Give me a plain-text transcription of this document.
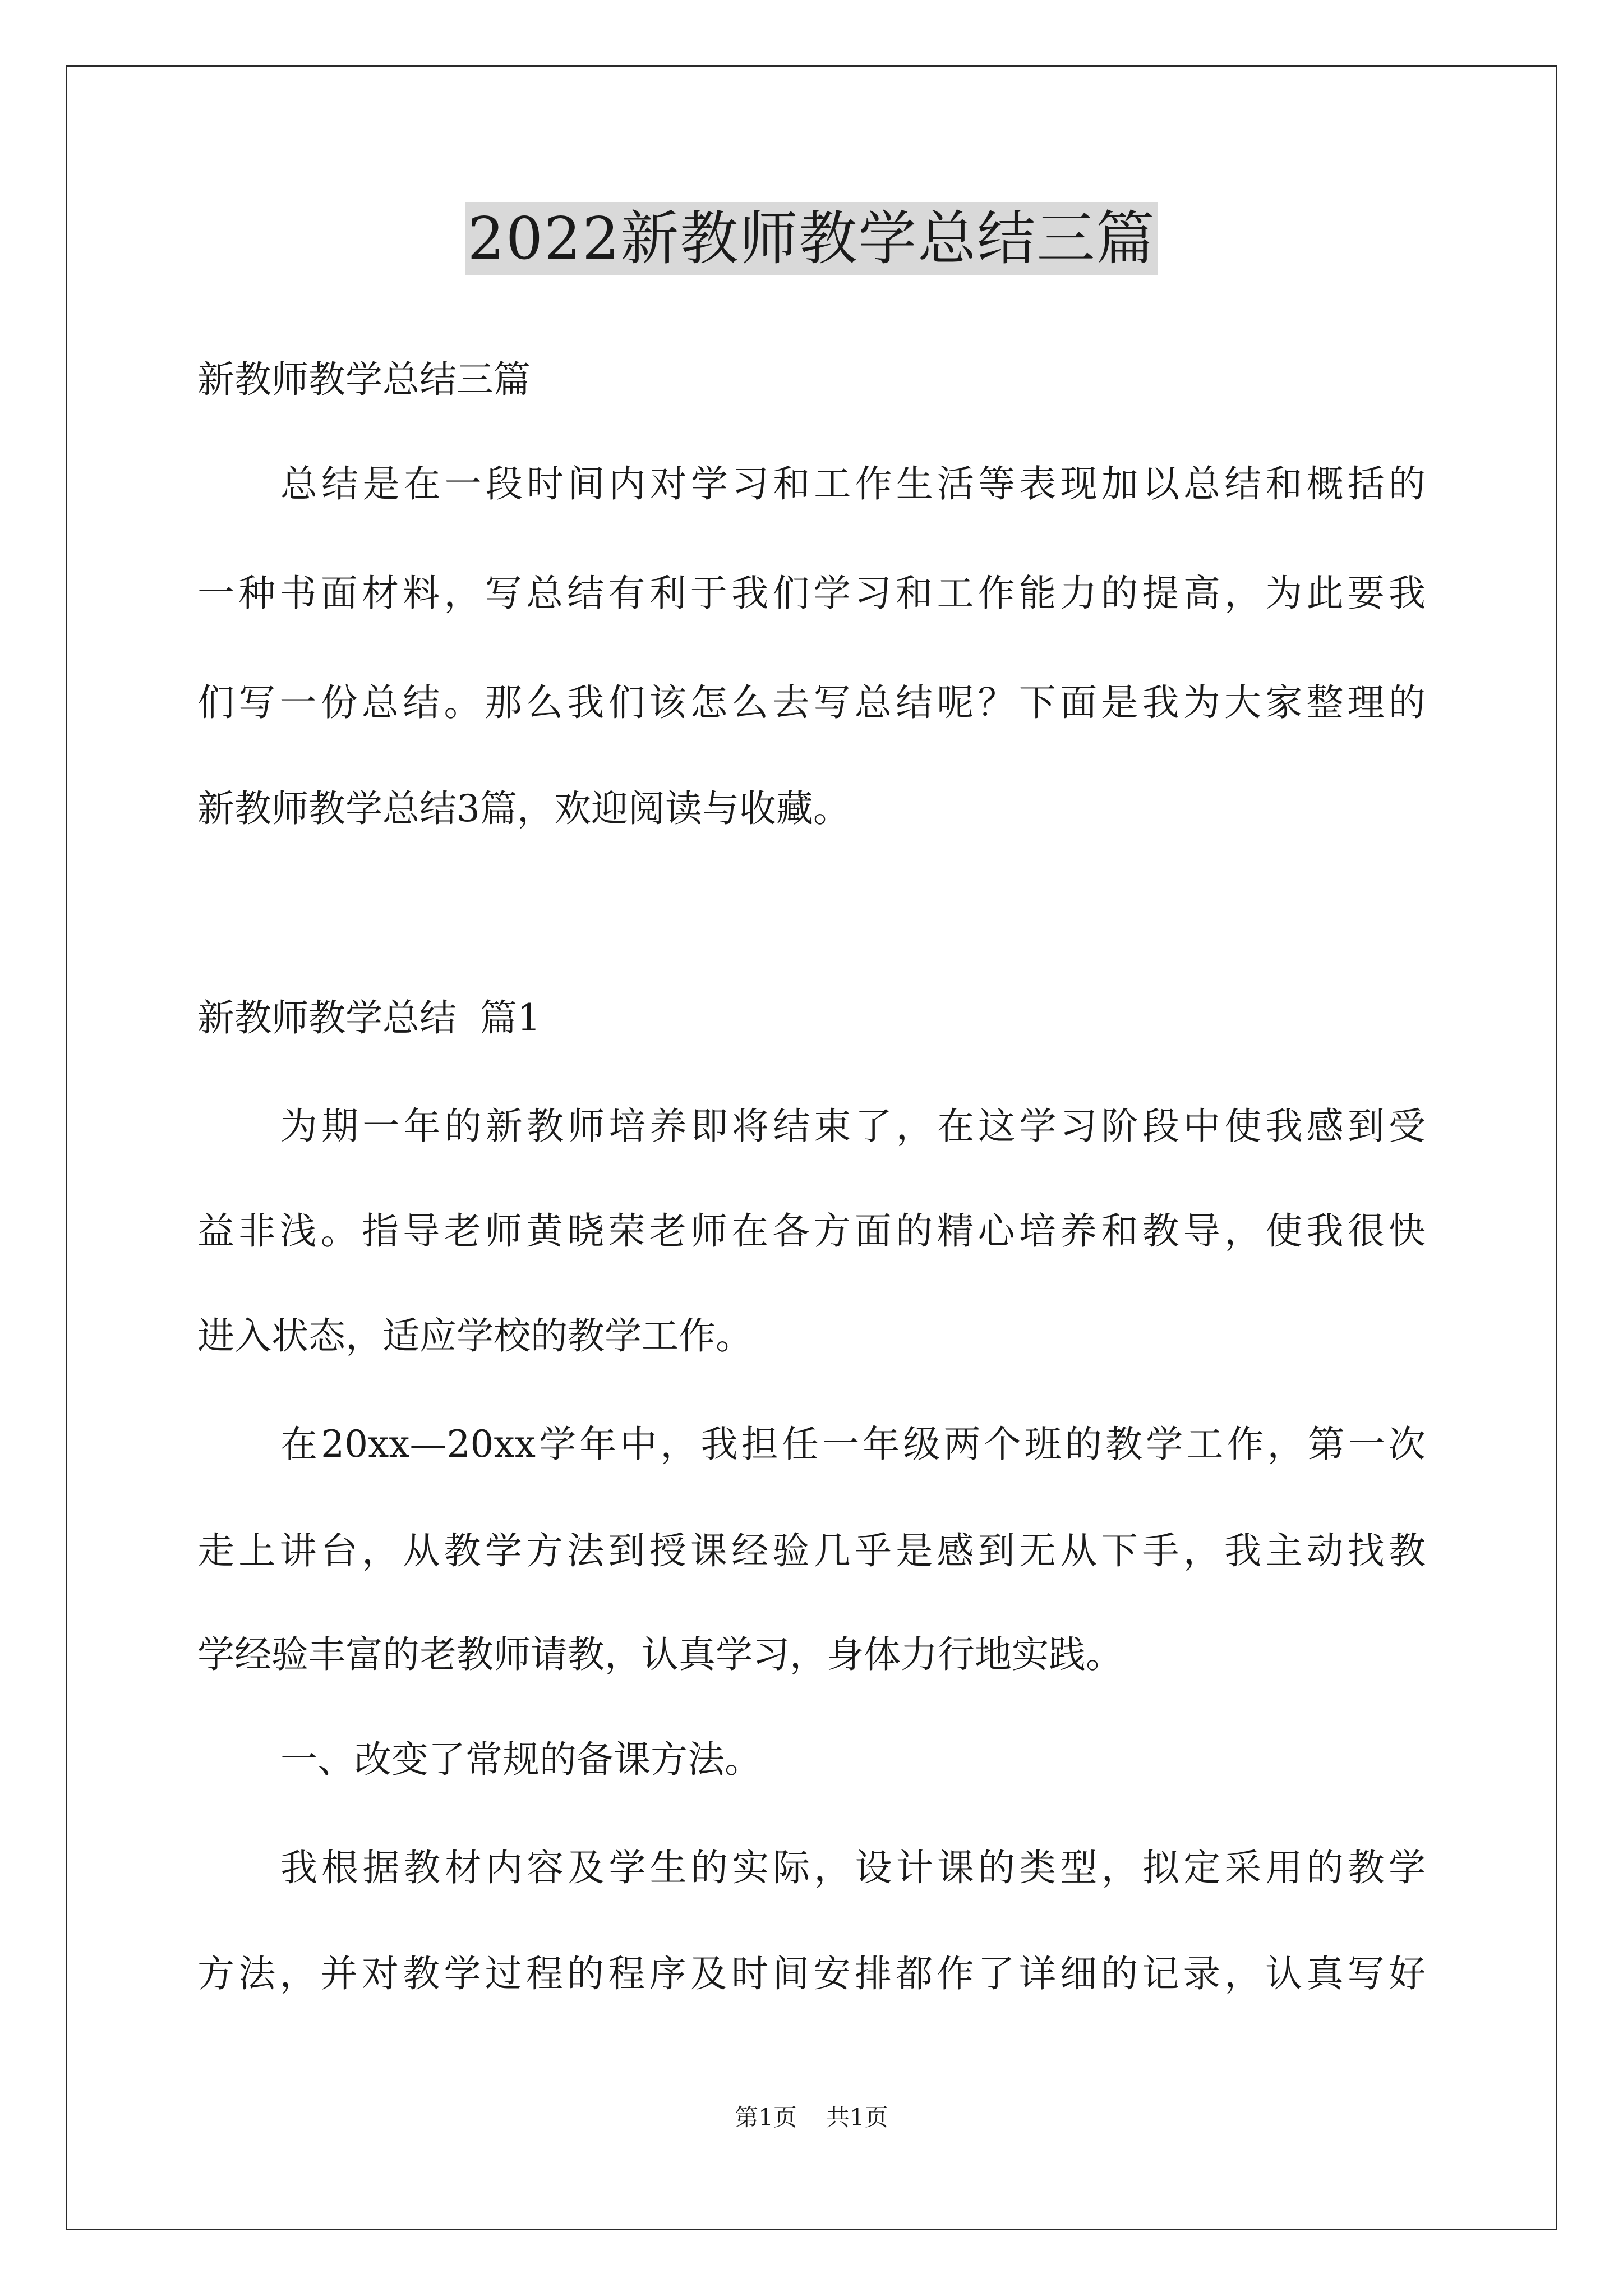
2022新教师教学总结三篇
新教师教学总结三篇
总结是在一段时间内对学习和工作生活等表现加以总结和概括的
一种书面材料，写总结有利于我们学习和工作能力的提高，为此要我
们写一份总结。那么我们该怎么去写总结呢？下面是我为大家整理的
新教师教学总结3篇，欢迎阅读与收藏。
新教师教学总结  篇1
为期一年的新教师培养即将结束了，在这学习阶段中使我感到受
益非浅。指导老师黄晓荣老师在各方面的精心培养和教导，使我很快
进入状态，适应学校的教学工作。
在20xx—20xx学年中，我担任一年级两个班的教学工作，第一次
走上讲台，从教学方法到授课经验几乎是感到无从下手，我主动找教
学经验丰富的老教师请教，认真学习，身体力行地实践。
一、改变了常规的备课方法。
我根据教材内容及学生的实际，设计课的类型，拟定采用的教学
方法，并对教学过程的程序及时间安排都作了详细的记录，认真写好
第1页 共1页
